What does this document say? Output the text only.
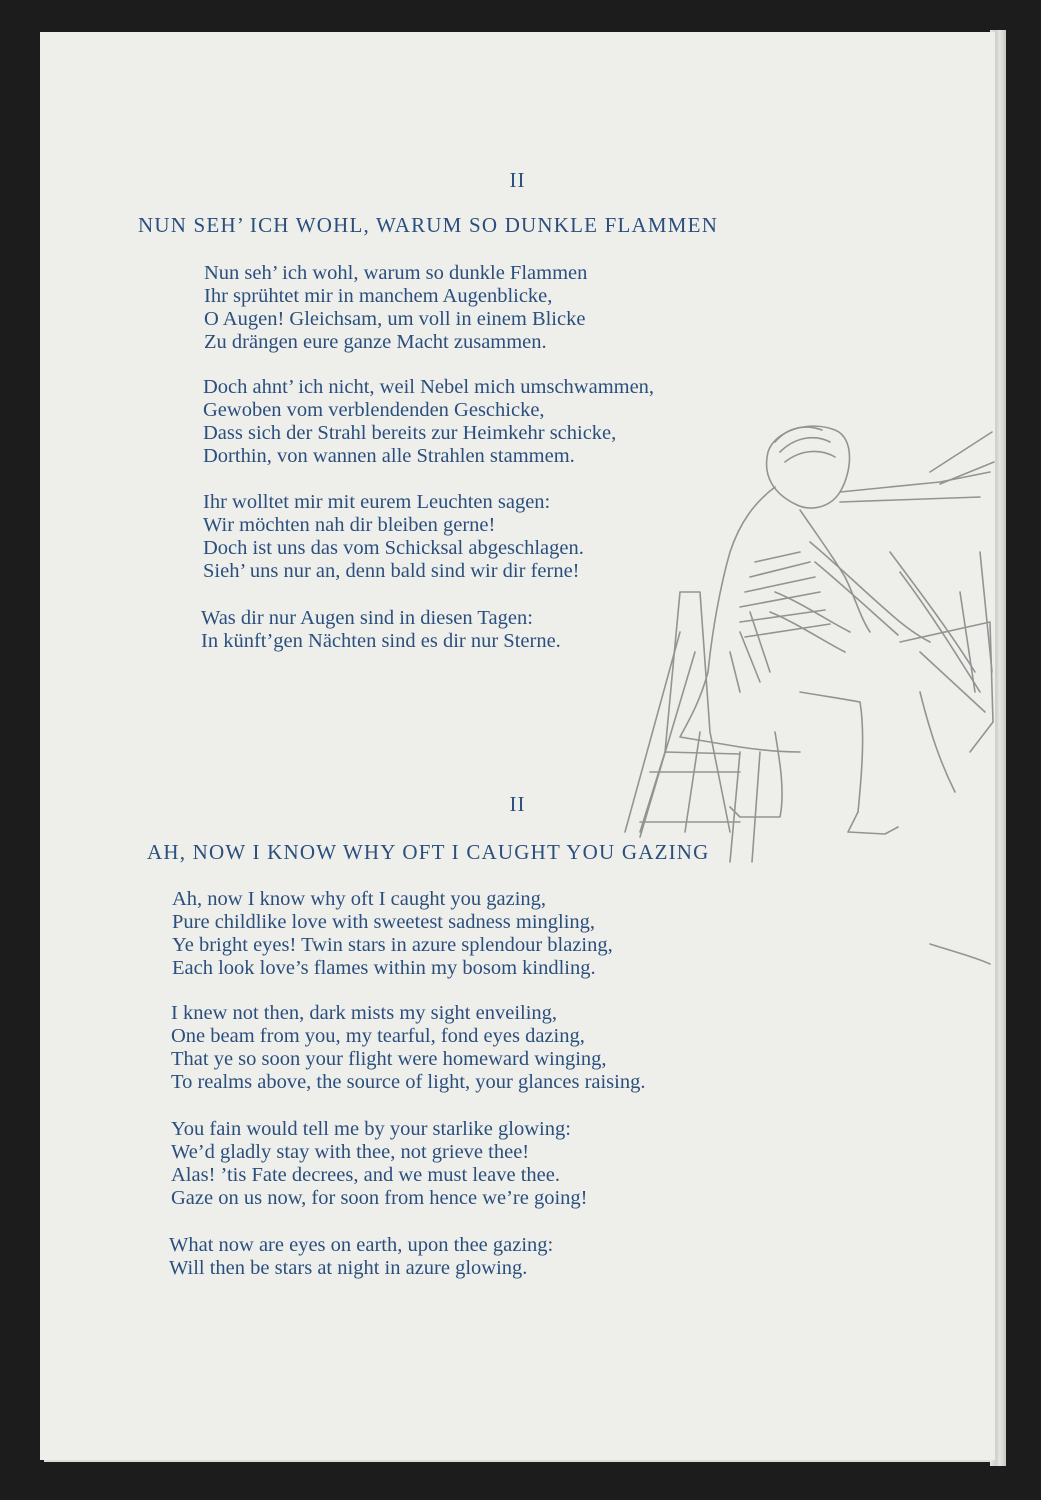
II
NUN SEH’ ICH WOHL, WARUM SO DUNKLE FLAMMEN
Nun seh’ ich wohl, warum so dunkle Flammen
Ihr sprühtet mir in manchem Augenblicke,
O Augen! Gleichsam, um voll in einem Blicke
Zu drängen eure ganze Macht zusammen.
Doch ahnt’ ich nicht, weil Nebel mich umschwammen,
Gewoben vom verblendenden Geschicke,
Dass sich der Strahl bereits zur Heimkehr schicke,
Dorthin, von wannen alle Strahlen stammem.
Ihr wolltet mir mit eurem Leuchten sagen:
Wir möchten nah dir bleiben gerne!
Doch ist uns das vom Schicksal abgeschlagen.
Sieh’ uns nur an, denn bald sind wir dir ferne!
Was dir nur Augen sind in diesen Tagen:
In künft’gen Nächten sind es dir nur Sterne.
II
AH, NOW I KNOW WHY OFT I CAUGHT YOU GAZING
Ah, now I know why oft I caught you gazing,
Pure childlike love with sweetest sadness mingling,
Ye bright eyes! Twin stars in azure splendour blazing,
Each look love’s flames within my bosom kindling.
I knew not then, dark mists my sight enveiling,
One beam from you, my tearful, fond eyes dazing,
That ye so soon your flight were homeward winging,
To realms above, the source of light, your glances raising.
You fain would tell me by your starlike glowing:
We’d gladly stay with thee, not grieve thee!
Alas! ’tis Fate decrees, and we must leave thee.
Gaze on us now, for soon from hence we’re going!
What now are eyes on earth, upon thee gazing:
Will then be stars at night in azure glowing.
